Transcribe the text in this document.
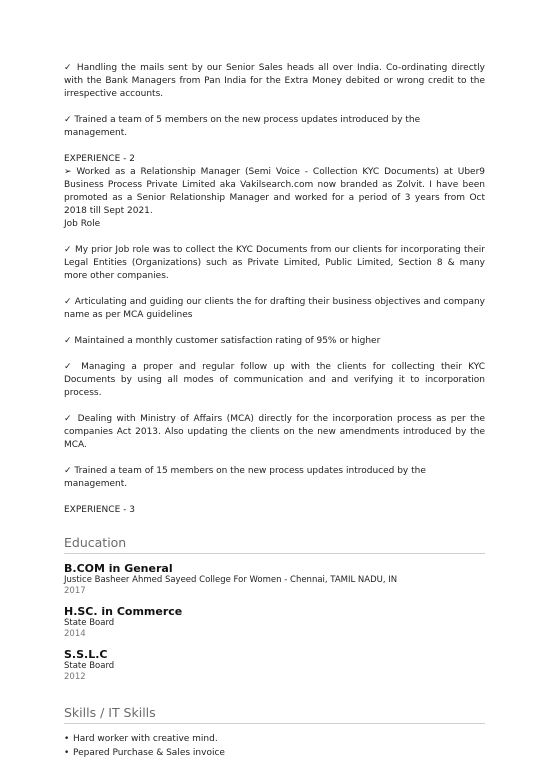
✓ Handling the mails sent by our Senior Sales heads all over India. Co-ordinating directly with the Bank Managers from Pan India for the Extra Money debited or wrong credit to the irrespective accounts.

✓ Trained a team of 5 members on the new process updates introduced by the management.

EXPERIENCE - 2

➢ Worked as a Relationship Manager (Semi Voice - Collection KYC Documents) at Uber9 Business Process Private Limited aka Vakilsearch.com now branded as Zolvit. I have been promoted as a Senior Relationship Manager and worked for a period of 3 years from Oct 2018 till Sept 2021.

Job Role

✓ My prior Job role was to collect the KYC Documents from our clients for incorporating their Legal Entities (Organizations) such as Private Limited, Public Limited, Section 8 & many more other companies.

✓ Articulating and guiding our clients the for drafting their business objectives and company name as per MCA guidelines

✓ Maintained a monthly customer satisfaction rating of 95% or higher

✓ Managing a proper and regular follow up with the clients for collecting their KYC Documents by using all modes of communication and and verifying it to incorporation process.

✓ Dealing with Ministry of Affairs (MCA) directly for the incorporation process as per the companies Act 2013. Also updating the clients on the new amendments introduced by the MCA.

✓ Trained a team of 15 members on the new process updates introduced by the management.

EXPERIENCE - 3

Education
B.COM in General
Justice Basheer Ahmed Sayeed College For Women - Chennai, TAMIL NADU, IN
2017
H.SC. in Commerce
State Board
2014
S.S.L.C
State Board
2012
Skills / IT Skills
• Hard worker with creative mind.
• Pepared Purchase & Sales invoice
